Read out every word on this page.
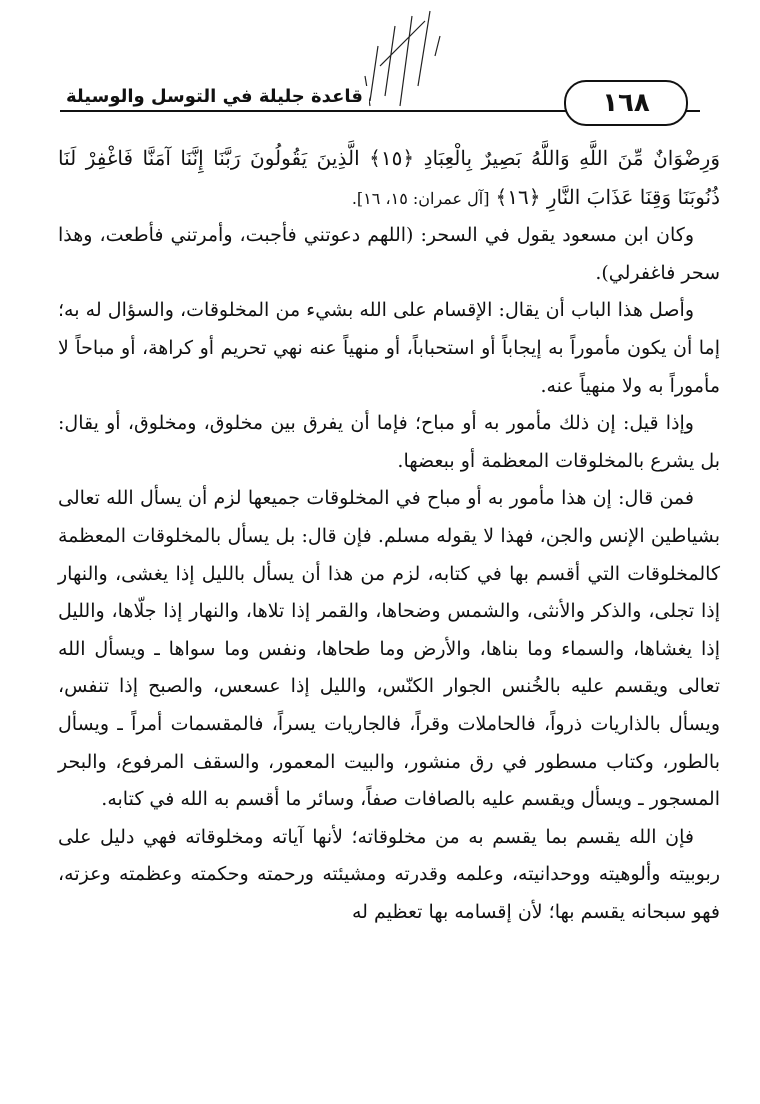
قاعدة جليلة في التوسل والوسيلة	١٦٨

وَرِضْوَانٌ مِّنَ اللَّهِ وَاللَّهُ بَصِيرٌ بِالْعِبَادِ ﴿١٥﴾ الَّذِينَ يَقُولُونَ رَبَّنَا إِنَّنَا آمَنَّا فَاغْفِرْ لَنَا ذُنُوبَنَا وَقِنَا عَذَابَ النَّارِ ﴿١٦﴾ [آل عمران: ١٥، ١٦].

وكان ابن مسعود يقول في السحر: (اللهم دعوتني فأجبت، وأمرتني فأطعت، وهذا سحر فاغفرلي).

وأصل هذا الباب أن يقال: الإقسام على الله بشيء من المخلوقات، والسؤال له به؛ إما أن يكون مأموراً به إيجاباً أو استحباباً، أو منهياً عنه نهي تحريم أو كراهة، أو مباحاً لا مأموراً به ولا منهياً عنه.

وإذا قيل: إن ذلك مأمور به أو مباح؛ فإما أن يفرق بين مخلوق، ومخلوق، أو يقال: بل يشرع بالمخلوقات المعظمة أو ببعضها.

فمن قال: إن هذا مأمور به أو مباح في المخلوقات جميعها لزم أن يسأل الله تعالى بشياطين الإنس والجن، فهذا لا يقوله مسلم. فإن قال: بل يسأل بالمخلوقات المعظمة كالمخلوقات التي أقسم بها في كتابه، لزم من هذا أن يسأل بالليل إذا يغشى، والنهار إذا تجلى، والذكر والأنثى، والشمس وضحاها، والقمر إذا تلاها، والنهار إذا جلّاها، والليل إذا يغشاها، والسماء وما بناها، والأرض وما طحاها، ونفس وما سواها ـ ويسأل الله تعالى ويقسم عليه بالخُنس الجوار الكنّس، والليل إذا عسعس، والصبح إذا تنفس، ويسأل بالذاريات ذرواً، فالحاملات وقراً، فالجاريات يسراً، فالمقسمات أمراً ـ ويسأل بالطور، وكتاب مسطور في رق منشور، والبيت المعمور، والسقف المرفوع، والبحر المسجور ـ ويسأل ويقسم عليه بالصافات صفاً، وسائر ما أقسم به الله في كتابه.

فإن الله يقسم بما يقسم به من مخلوقاته؛ لأنها آياته ومخلوقاته فهي دليل على ربوبيته وألوهيته ووحدانيته، وعلمه وقدرته ومشيئته ورحمته وحكمته وعظمته وعزته، فهو سبحانه يقسم بها؛ لأن إقسامه بها تعظيم له
